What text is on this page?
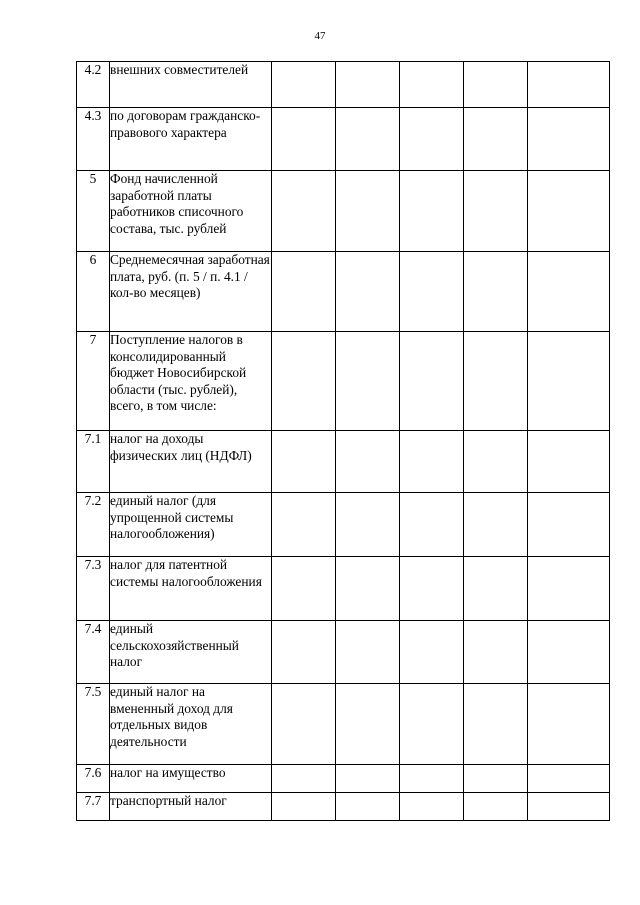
47
4.2	внешних совместителей					
4.3	по договорам гражданско-правового характера					
5	Фонд начисленной заработной платы работников списочного состава, тыс. рублей					
6	Среднемесячная заработная плата, руб. (п. 5 / п. 4.1 / кол-во месяцев)					
7	Поступление налогов в консолидированный бюджет Новосибирской области (тыс. рублей), всего, в том числе:					
7.1	налог на доходы физических лиц (НДФЛ)					
7.2	единый налог (для упрощенной системы налогообложения)					
7.3	налог для патентной системы налогообложения					
7.4	единый сельскохозяйственный налог					
7.5	единый налог на вмененный доход для отдельных видов деятельности					
7.6	налог на имущество					
7.7	транспортный налог					
